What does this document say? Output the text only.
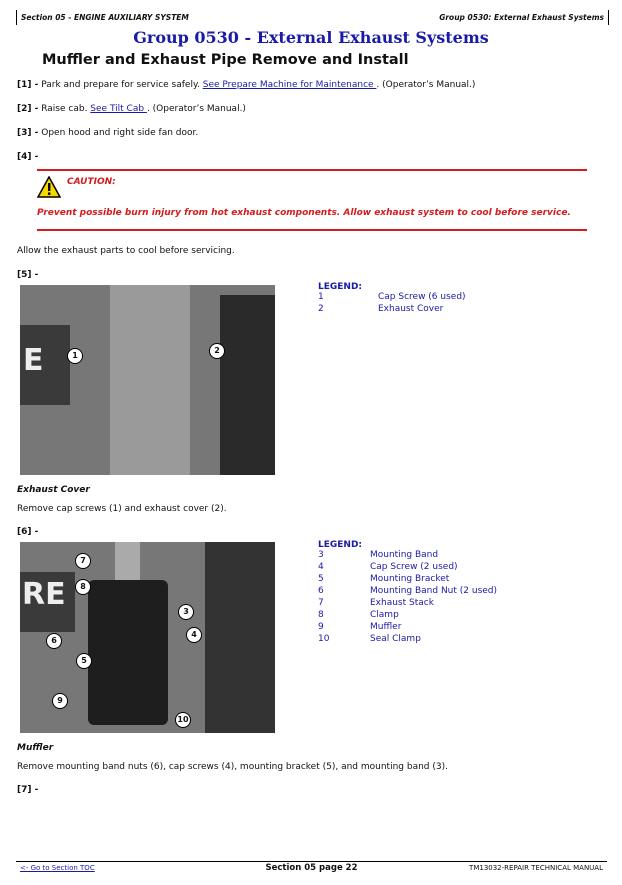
Section 05 - ENGINE AUXILIARY SYSTEM	Group 0530: External Exhaust Systems
Group 0530 - External Exhaust Systems
Muffler and Exhaust Pipe Remove and Install
[1] - Park and prepare for service safely. See Prepare Machine for Maintenance . (Operator’s Manual.)
[2] - Raise cab. See Tilt Cab . (Operator’s Manual.)
[3] - Open hood and right side fan door.
[4] -
CAUTION:
Prevent possible burn injury from hot exhaust components. Allow exhaust system to cool before service.
Allow the exhaust parts to cool before servicing.
[5] -
E	1
2
LEGEND:
1	Cap Screw (6 used)
2	Exhaust Cover
Exhaust Cover
Remove cap screws (1) and exhaust cover (2).
[6] -
RE
7
8
3
4
6
5
9
10
LEGEND:
3	Mounting Band
4	Cap Screw (2 used)
5	Mounting Bracket
6	Mounting Band Nut (2 used)
7	Exhaust Stack
8	Clamp
9	Muffler
10	Seal Clamp
Muffler
Remove mounting band nuts (6), cap screws (4), mounting bracket (5), and mounting band (3).
[7] -
<- Go to Section TOC	Section 05 page 22	TM13032-REPAIR TECHNICAL MANUAL
